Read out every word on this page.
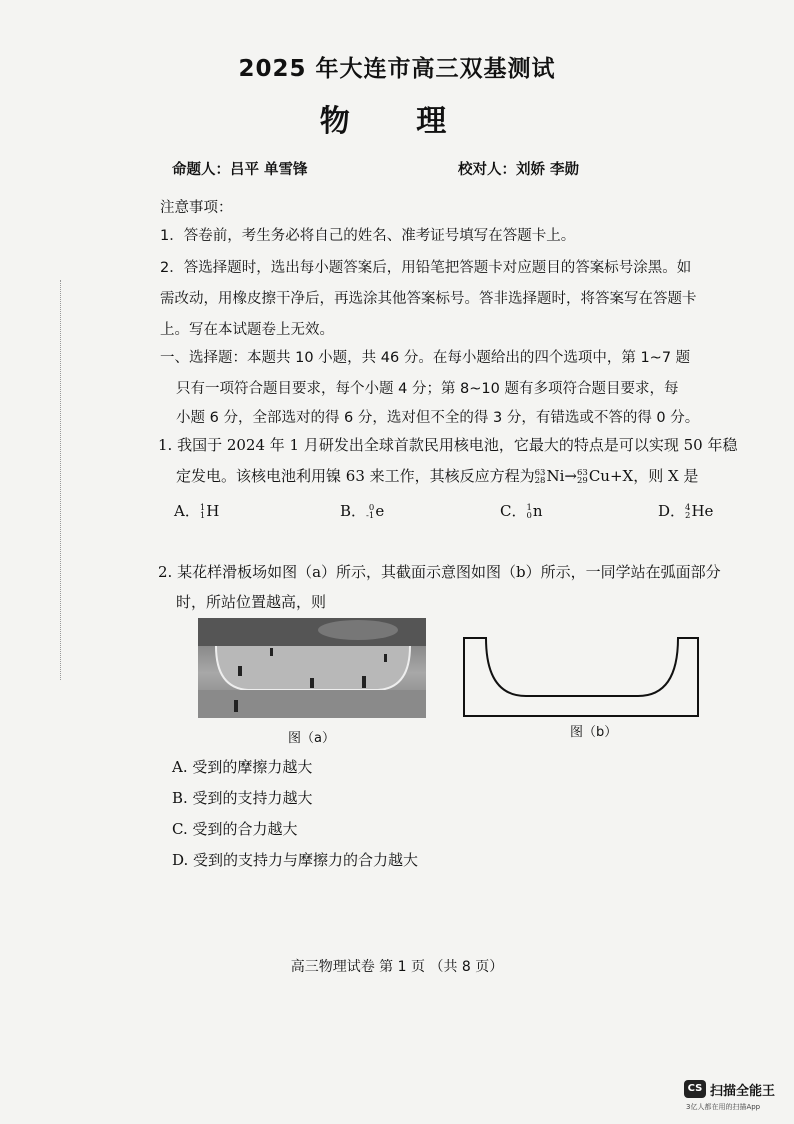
2025 年大连市高三双基测试
物 理
命题人：吕平 单雪锋	校对人：刘娇 李勋
注意事项：
1．答卷前，考生务必将自己的姓名、准考证号填写在答题卡上。
2．答选择题时，选出每小题答案后，用铅笔把答题卡对应题目的答案标号涂黑。如
需改动，用橡皮擦干净后，再选涂其他答案标号。答非选择题时，将答案写在答题卡
上。写在本试题卷上无效。
一、选择题：本题共 10 小题，共 46 分。在每小题给出的四个选项中，第 1~7 题
只有一项符合题目要求，每个小题 4 分；第 8~10 题有多项符合题目要求，每
小题 6 分，全部选对的得 6 分，选对但不全的得 3 分，有错选或不答的得 0 分。
1. 我国于 2024 年 1 月研发出全球首款民用核电池，它最大的特点是可以实现 50 年稳
定发电。该核电池利用镍 63 来工作，其核反应方程为 63
28 Ni→ 63
29 Cu+X，则 X 是
A． 1
1 H	B． 0
-1 e	C． 1
0 n	D． 4
2 He
2. 某花样滑板场如图（a）所示，其截面示意图如图（b）所示，一同学站在弧面部分
时，所站位置越高，则
图（a）	图（b）
A. 受到的摩擦力越大
B. 受到的支持力越大
C. 受到的合力越大
D. 受到的支持力与摩擦力的合力越大
高三物理试卷 第 1 页 （共 8 页）
CS 扫描全能王
3亿人都在用的扫描App
